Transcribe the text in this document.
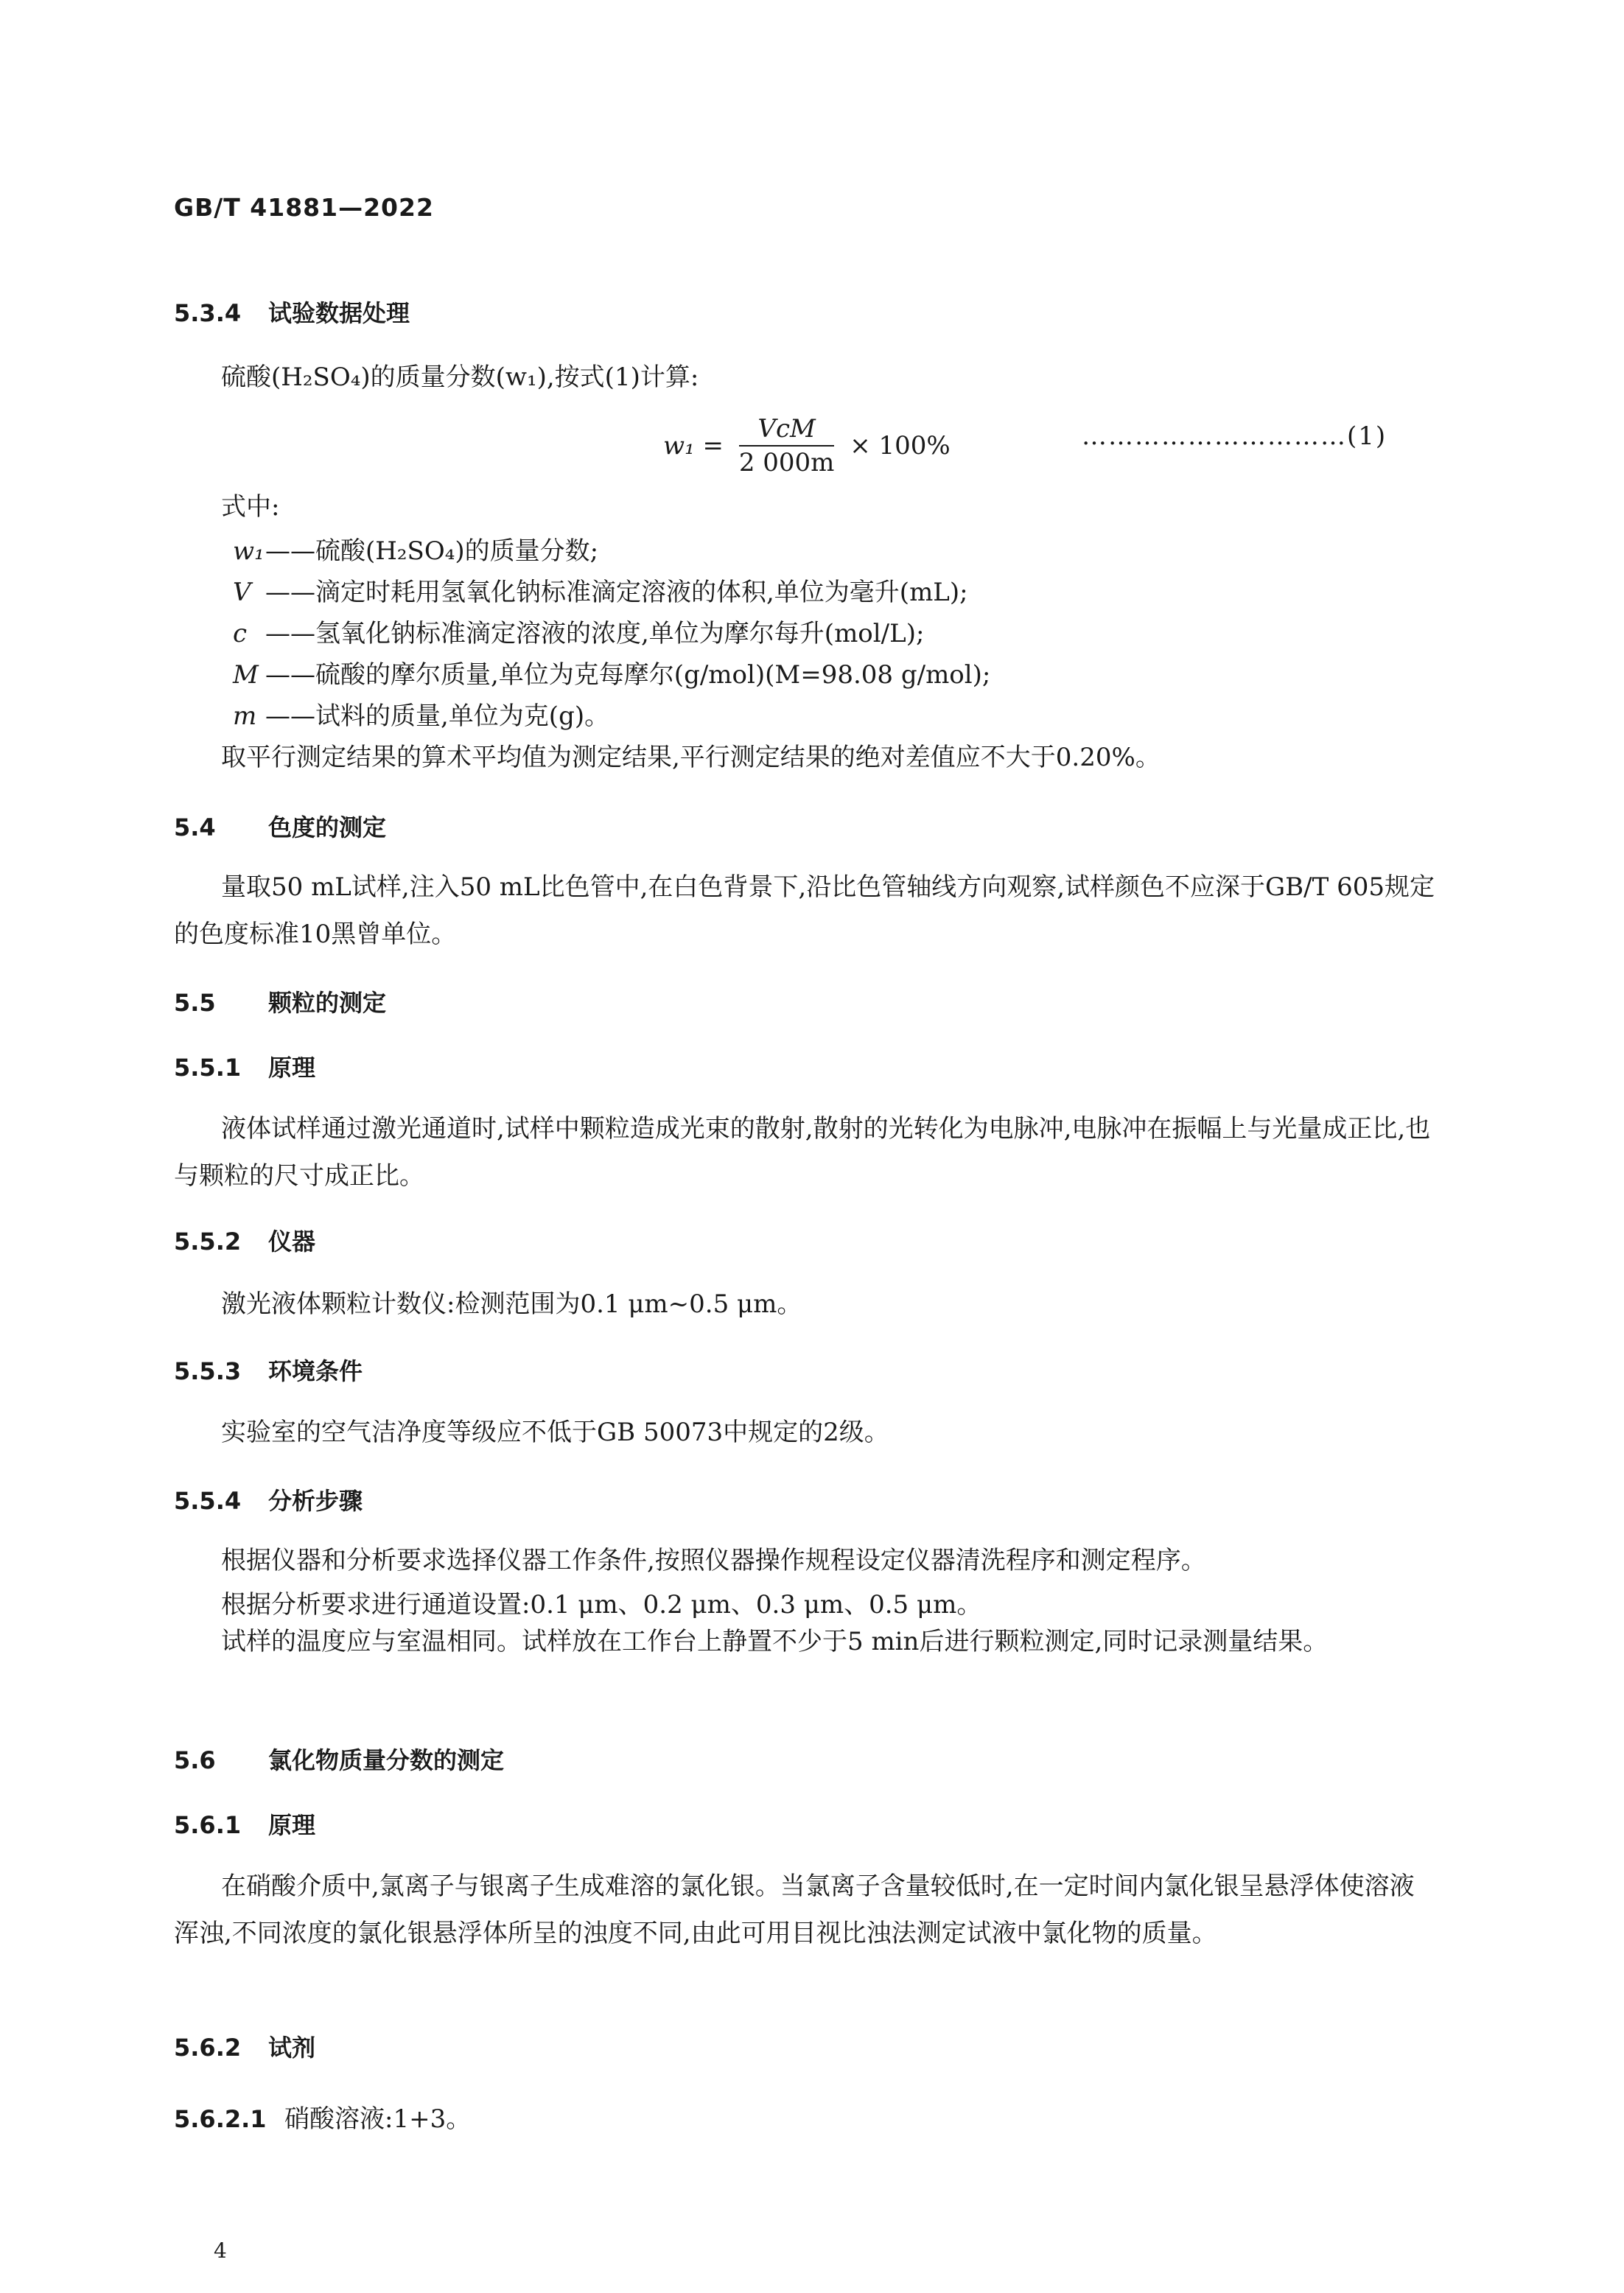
GB/T 41881—2022
5.3.4 试验数据处理
硫酸(H₂SO₄)的质量分数(w₁),按式(1)计算:
$w_1 = \frac{\text{VcM}}{2 000m} \times 100\%$	…………………………(1)
式中:
w₁——硫酸(H₂SO₄)的质量分数;
V ——滴定时耗用氢氧化钠标准滴定溶液的体积,单位为毫升(mL);
c ——氢氧化钠标准滴定溶液的浓度,单位为摩尔每升(mol/L);
M ——硫酸的摩尔质量,单位为克每摩尔(g/mol)(M=98.08 g/mol);
m ——试料的质量,单位为克(g)。
取平行测定结果的算术平均值为测定结果,平行测定结果的绝对差值应不大于0.20%。
5.4 色度的测定
量取50 mL试样,注入50 mL比色管中,在白色背景下,沿比色管轴线方向观察,试样颜色不应深于GB/T 605规定的色度标准10黑曾单位。
5.5 颗粒的测定
5.5.1 原理
液体试样通过激光通道时,试样中颗粒造成光束的散射,散射的光转化为电脉冲,电脉冲在振幅上与光量成正比,也与颗粒的尺寸成正比。
5.5.2 仪器
激光液体颗粒计数仪:检测范围为0.1 μm~0.5 μm。
5.5.3 环境条件
实验室的空气洁净度等级应不低于GB 50073中规定的2级。
5.5.4 分析步骤
根据仪器和分析要求选择仪器工作条件,按照仪器操作规程设定仪器清洗程序和测定程序。
根据分析要求进行通道设置:0.1 μm、0.2 μm、0.3 μm、0.5 μm。
试样的温度应与室温相同。试样放在工作台上静置不少于5 min后进行颗粒测定,同时记录测量结果。
5.6 氯化物质量分数的测定
5.6.1 原理
在硝酸介质中,氯离子与银离子生成难溶的氯化银。当氯离子含量较低时,在一定时间内氯化银呈悬浮体使溶液浑浊,不同浓度的氯化银悬浮体所呈的浊度不同,由此可用目视比浊法测定试液中氯化物的质量。
5.6.2 试剂
5.6.2.1 硝酸溶液:1+3。
4
